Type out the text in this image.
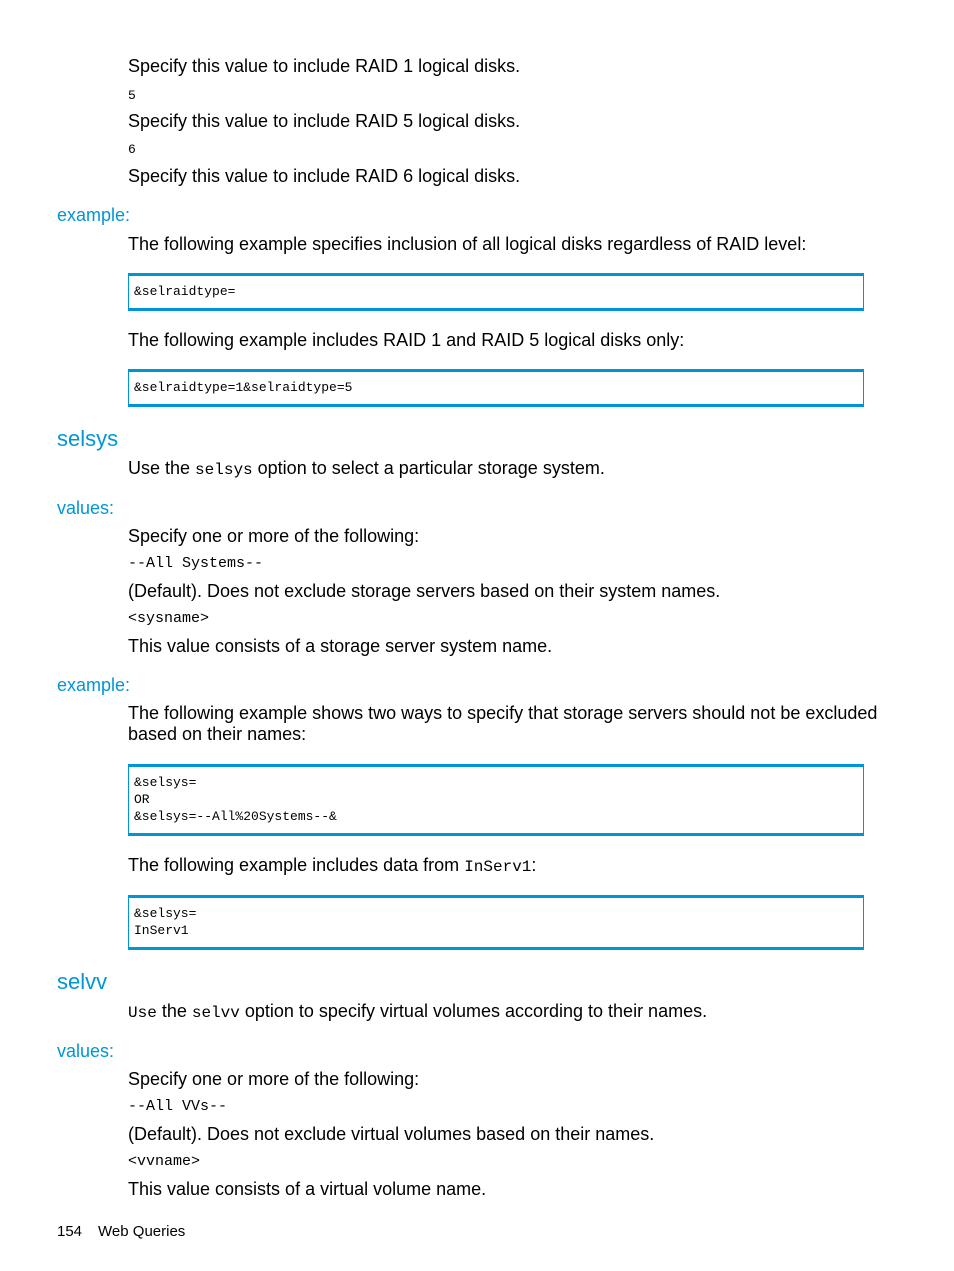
Specify this value to include RAID 1 logical disks.
5
Specify this value to include RAID 5 logical disks.
6
Specify this value to include RAID 6 logical disks.
example:
The following example specifies inclusion of all logical disks regardless of RAID level:
&selraidtype=
The following example includes RAID 1 and RAID 5 logical disks only:
&selraidtype=1&selraidtype=5
selsys
Use the selsys option to select a particular storage system.
values:
Specify one or more of the following:
--All Systems--
(Default). Does not exclude storage servers based on their system names.
<sysname>
This value consists of a storage server system name.
example:
The following example shows two ways to specify that storage servers should not be excluded
based on their names:
&selsys=
OR
&selsys=--All%20Systems--&
The following example includes data from InServ1:
&selsys=
InServ1
selvv
Use the selvv option to specify virtual volumes according to their names.
values:
Specify one or more of the following:
--All VVs--
(Default). Does not exclude virtual volumes based on their names.
<vvname>
This value consists of a virtual volume name.
154 Web Queries
